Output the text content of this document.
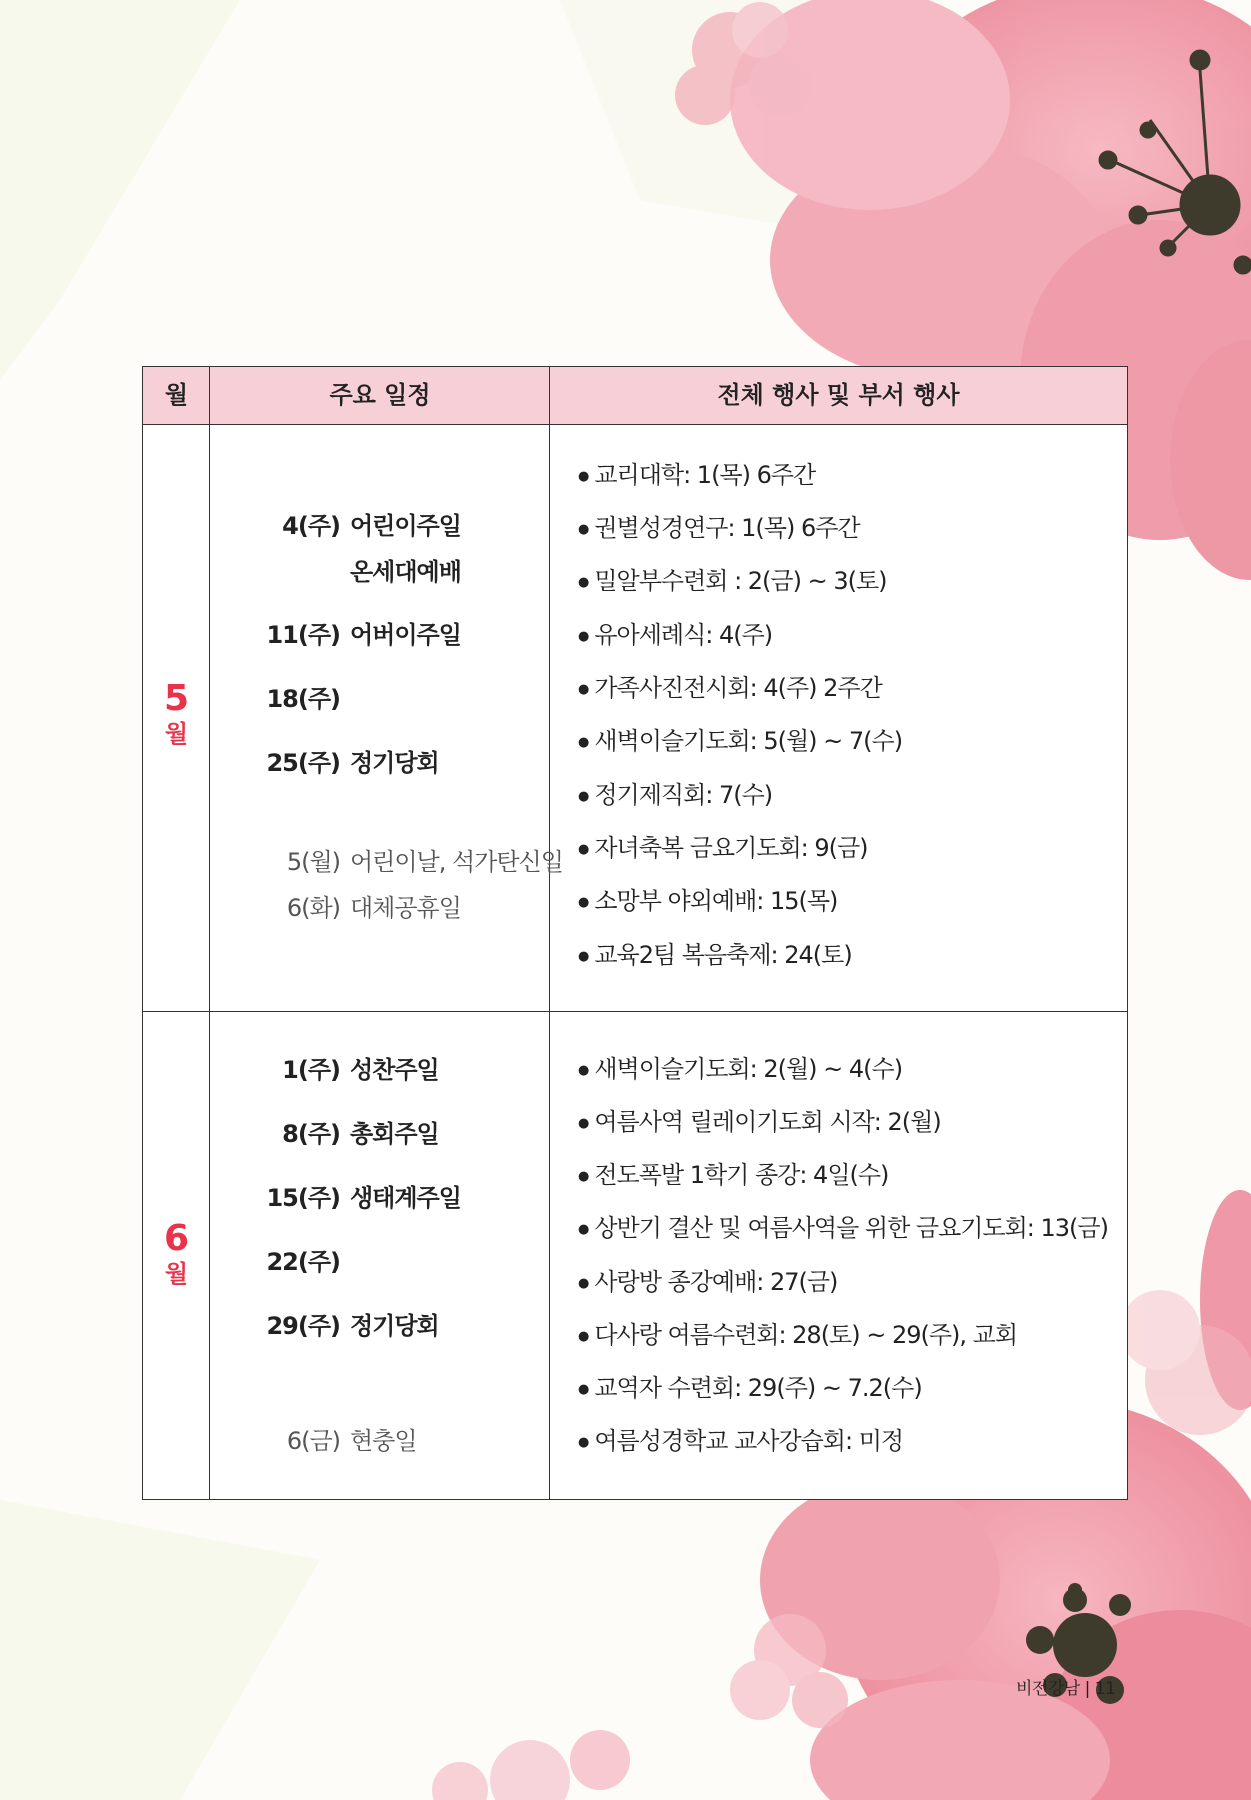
월	주요 일정	전체 행사 및 부서 행사
5
월
4(주) 어린이주일
온세대예배
11(주) 어버이주일
18(주)
25(주) 정기당회
5(월) 어린이날, 석가탄신일
6(화) 대체공휴일
● 교리대학: 1(목) 6주간
● 권별성경연구: 1(목) 6주간
● 밀알부수련회 : 2(금) ~ 3(토)
● 유아세례식: 4(주)
● 가족사진전시회: 4(주) 2주간
● 새벽이슬기도회: 5(월) ~ 7(수)
● 정기제직회: 7(수)
● 자녀축복 금요기도회: 9(금)
● 소망부 야외예배: 15(목)
● 교육2팀 복음축제: 24(토)
6
월
1(주) 성찬주일
8(주) 총회주일
15(주) 생태계주일
22(주)
29(주) 정기당회
6(금) 현충일
● 새벽이슬기도회: 2(월) ~ 4(수)
● 여름사역 릴레이기도회 시작: 2(월)
● 전도폭발 1학기 종강: 4일(수)
● 상반기 결산 및 여름사역을 위한 금요기도회: 13(금)
● 사랑방 종강예배: 27(금)
● 다사랑 여름수련회: 28(토) ~ 29(주), 교회
● 교역자 수련회: 29(주) ~ 7.2(수)
● 여름성경학교 교사강습회: 미정
비전강남 | 11
